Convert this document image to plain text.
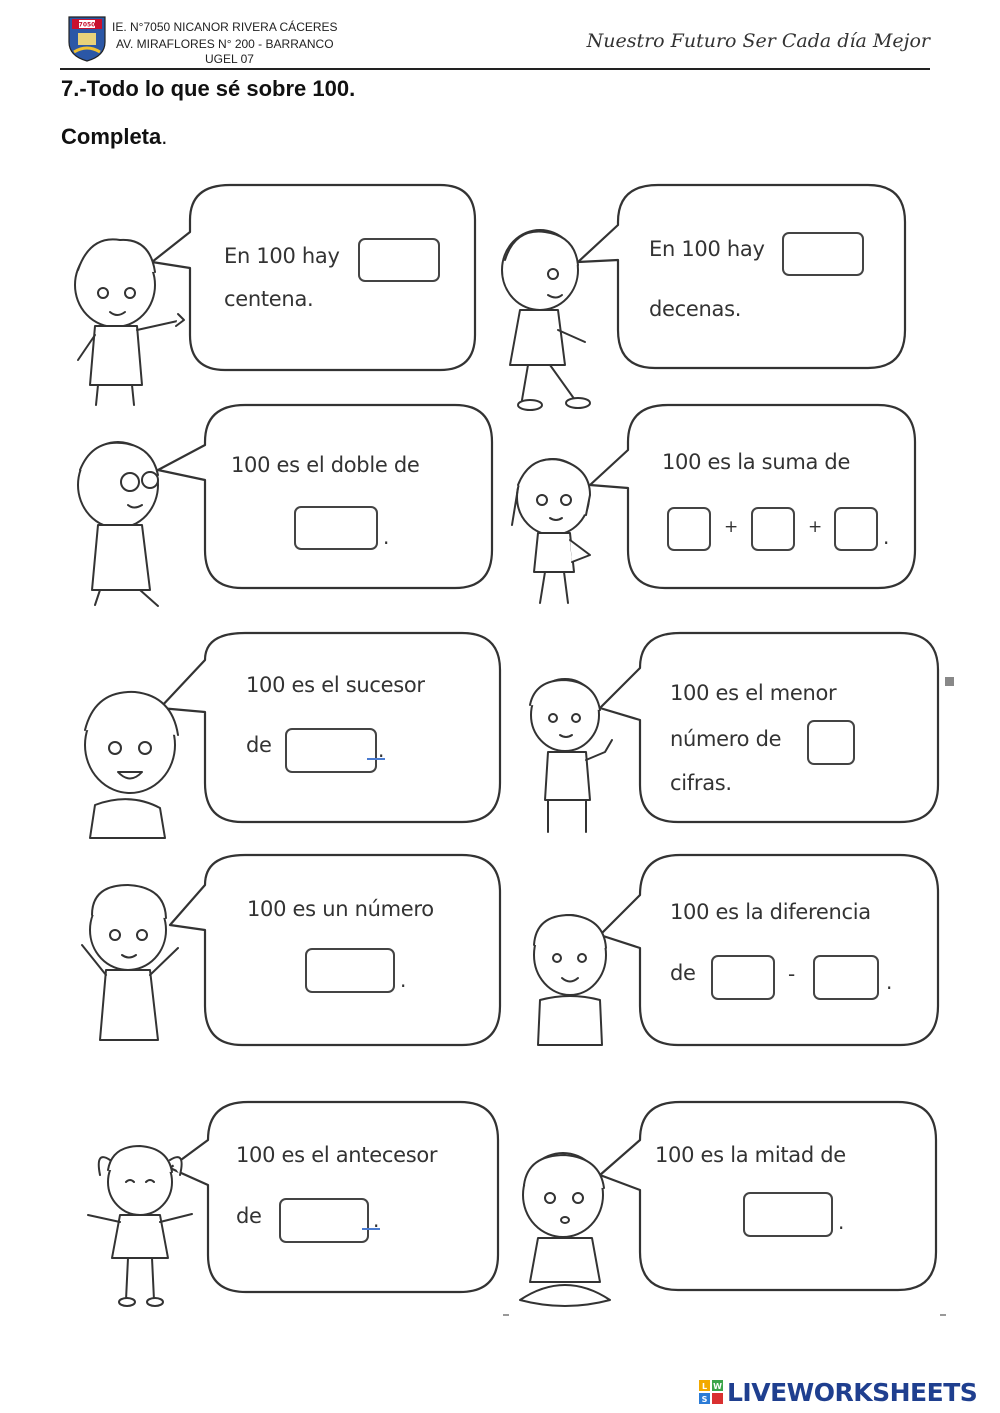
7050 IE. N°7050 NICANOR RIVERA CÁCERES
AV. MIRAFLORES N° 200 - BARRANCO
UGEL 07
Nuestro Futuro Ser Cada día Mejor
7.-Todo lo que sé sobre 100.
Completa.
En 100 hay
centena.
En 100 hay
decenas.
100 es el doble de
.
100 es la suma de
+	+	.
100 es el sucesor
de	.
100 es el menor
número de
cifras.
100 es un número
.
100 es la diferencia
de	-	.
100 es el antecesor
de	.
100 es la mitad de
.
L W
S LIVEWORKSHEETS
